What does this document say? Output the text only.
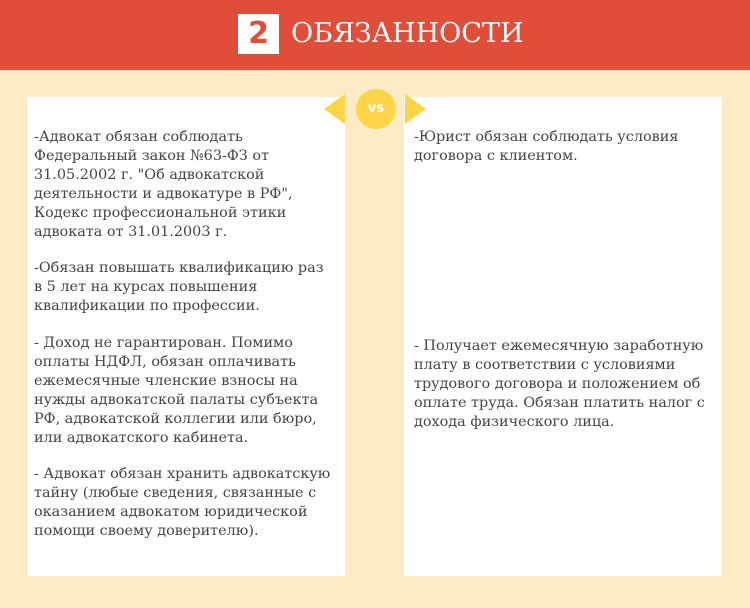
2 ОБЯЗАННОСТИ
vs

-Адвокат обязан соблюдать
Федеральный закон №63-ФЗ от
31.05.2002 г. "Об адвокатской
деятельности и адвокатуре в РФ",
Кодекс профессиональной этики
адвоката от 31.01.2003 г.

-Обязан повышать квалификацию раз
в 5 лет на курсах повышения
квалификации по профессии.

- Доход не гарантирован. Помимо
оплаты НДФЛ, обязан оплачивать
ежемесячные членские взносы на
нужды адвокатской палаты субъекта
РФ, адвокатской коллегии или бюро,
или адвокатского кабинета.

- Адвокат обязан хранить адвокатскую
тайну (любые сведения, связанные с
оказанием адвокатом юридической
помощи своему доверителю).

-Юрист обязан соблюдать условия
договора с клиентом.

- Получает ежемесячную заработную
плату в соответствии с условиями
трудового договора и положением об
оплате труда. Обязан платить налог с
дохода физического лица.
